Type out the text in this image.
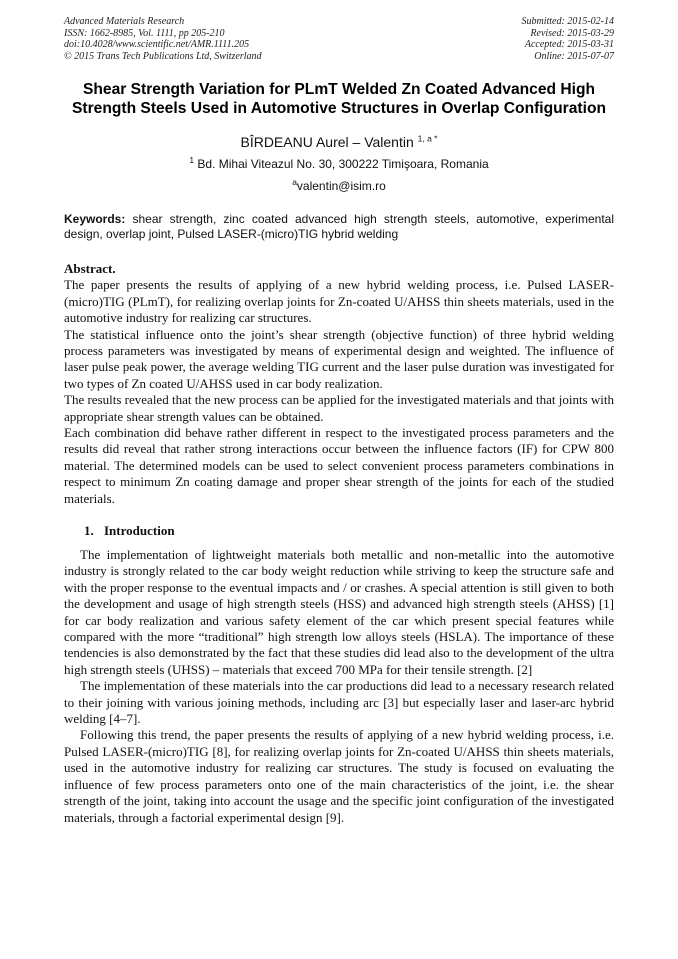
Advanced Materials Research
ISSN: 1662-8985, Vol. 1111, pp 205-210
doi:10.4028/www.scientific.net/AMR.1111.205
© 2015 Trans Tech Publications Ltd, Switzerland
Submitted: 2015-02-14
Revised: 2015-03-29
Accepted: 2015-03-31
Online: 2015-07-07
Shear Strength Variation for PLmT Welded Zn Coated Advanced High Strength Steels Used in Automotive Structures in Overlap Configuration
BÎRDEANU Aurel – Valentin $^{1, a *}$
$^1$ Bd. Mihai Viteazul No. 30, 300222 Timişoara, Romania
$^a$valentin@isim.ro
Keywords: shear strength, zinc coated advanced high strength steels, automotive, experimental design, overlap joint, Pulsed LASER-(micro)TIG hybrid welding

Abstract.

The paper presents the results of applying of a new hybrid welding process, i.e. Pulsed LASER-(micro)TIG (PLmT), for realizing overlap joints for Zn-coated U/AHSS thin sheets materials, used in the automotive industry for realizing car structures.

The statistical influence onto the joint’s shear strength (objective function) of three hybrid welding process parameters was investigated by means of experimental design and weighted. The influence of laser pulse peak power, the average welding TIG current and the laser pulse duration was investigated for two types of Zn coated U/AHSS used in car body realization.

The results revealed that the new process can be applied for the investigated materials and that joints with appropriate shear strength values can be obtained.

Each combination did behave rather different in respect to the investigated process parameters and the results did reveal that rather strong interactions occur between the influence factors (IF) for CPW 800 material. The determined models can be used to select convenient process parameters combinations in respect to minimum Zn coating damage and proper shear strength of the joints for each of the studied materials.

1. Introduction

The implementation of lightweight materials both metallic and non-metallic into the automotive industry is strongly related to the car body weight reduction while striving to keep the structure safe and with the proper response to the eventual impacts and / or crashes. A special attention is still given to both the development and usage of high strength steels (HSS) and advanced high strength steels (AHSS) [1] for car body realization and various safety element of the car which present special features while compared with the more “traditional” high strength low alloys steels (HSLA). The importance of these tendencies is also demonstrated by the fact that these studies did lead also to the development of the ultra high strength steels (UHSS) – materials that exceed 700 MPa for their tensile strength. [2]

The implementation of these materials into the car productions did lead to a necessary research related to their joining with various joining methods, including arc [3] but especially laser and laser-arc hybrid welding [4–7].

Following this trend, the paper presents the results of applying of a new hybrid welding process, i.e. Pulsed LASER-(micro)TIG [8], for realizing overlap joints for Zn-coated U/AHSS thin sheets materials, used in the automotive industry for realizing car structures. The study is focused on evaluating the influence of few process parameters onto one of the main characteristics of the joint, i.e. the shear strength of the joint, taking into account the usage and the specific joint configuration of the investigated materials, through a factorial experimental design [9].
